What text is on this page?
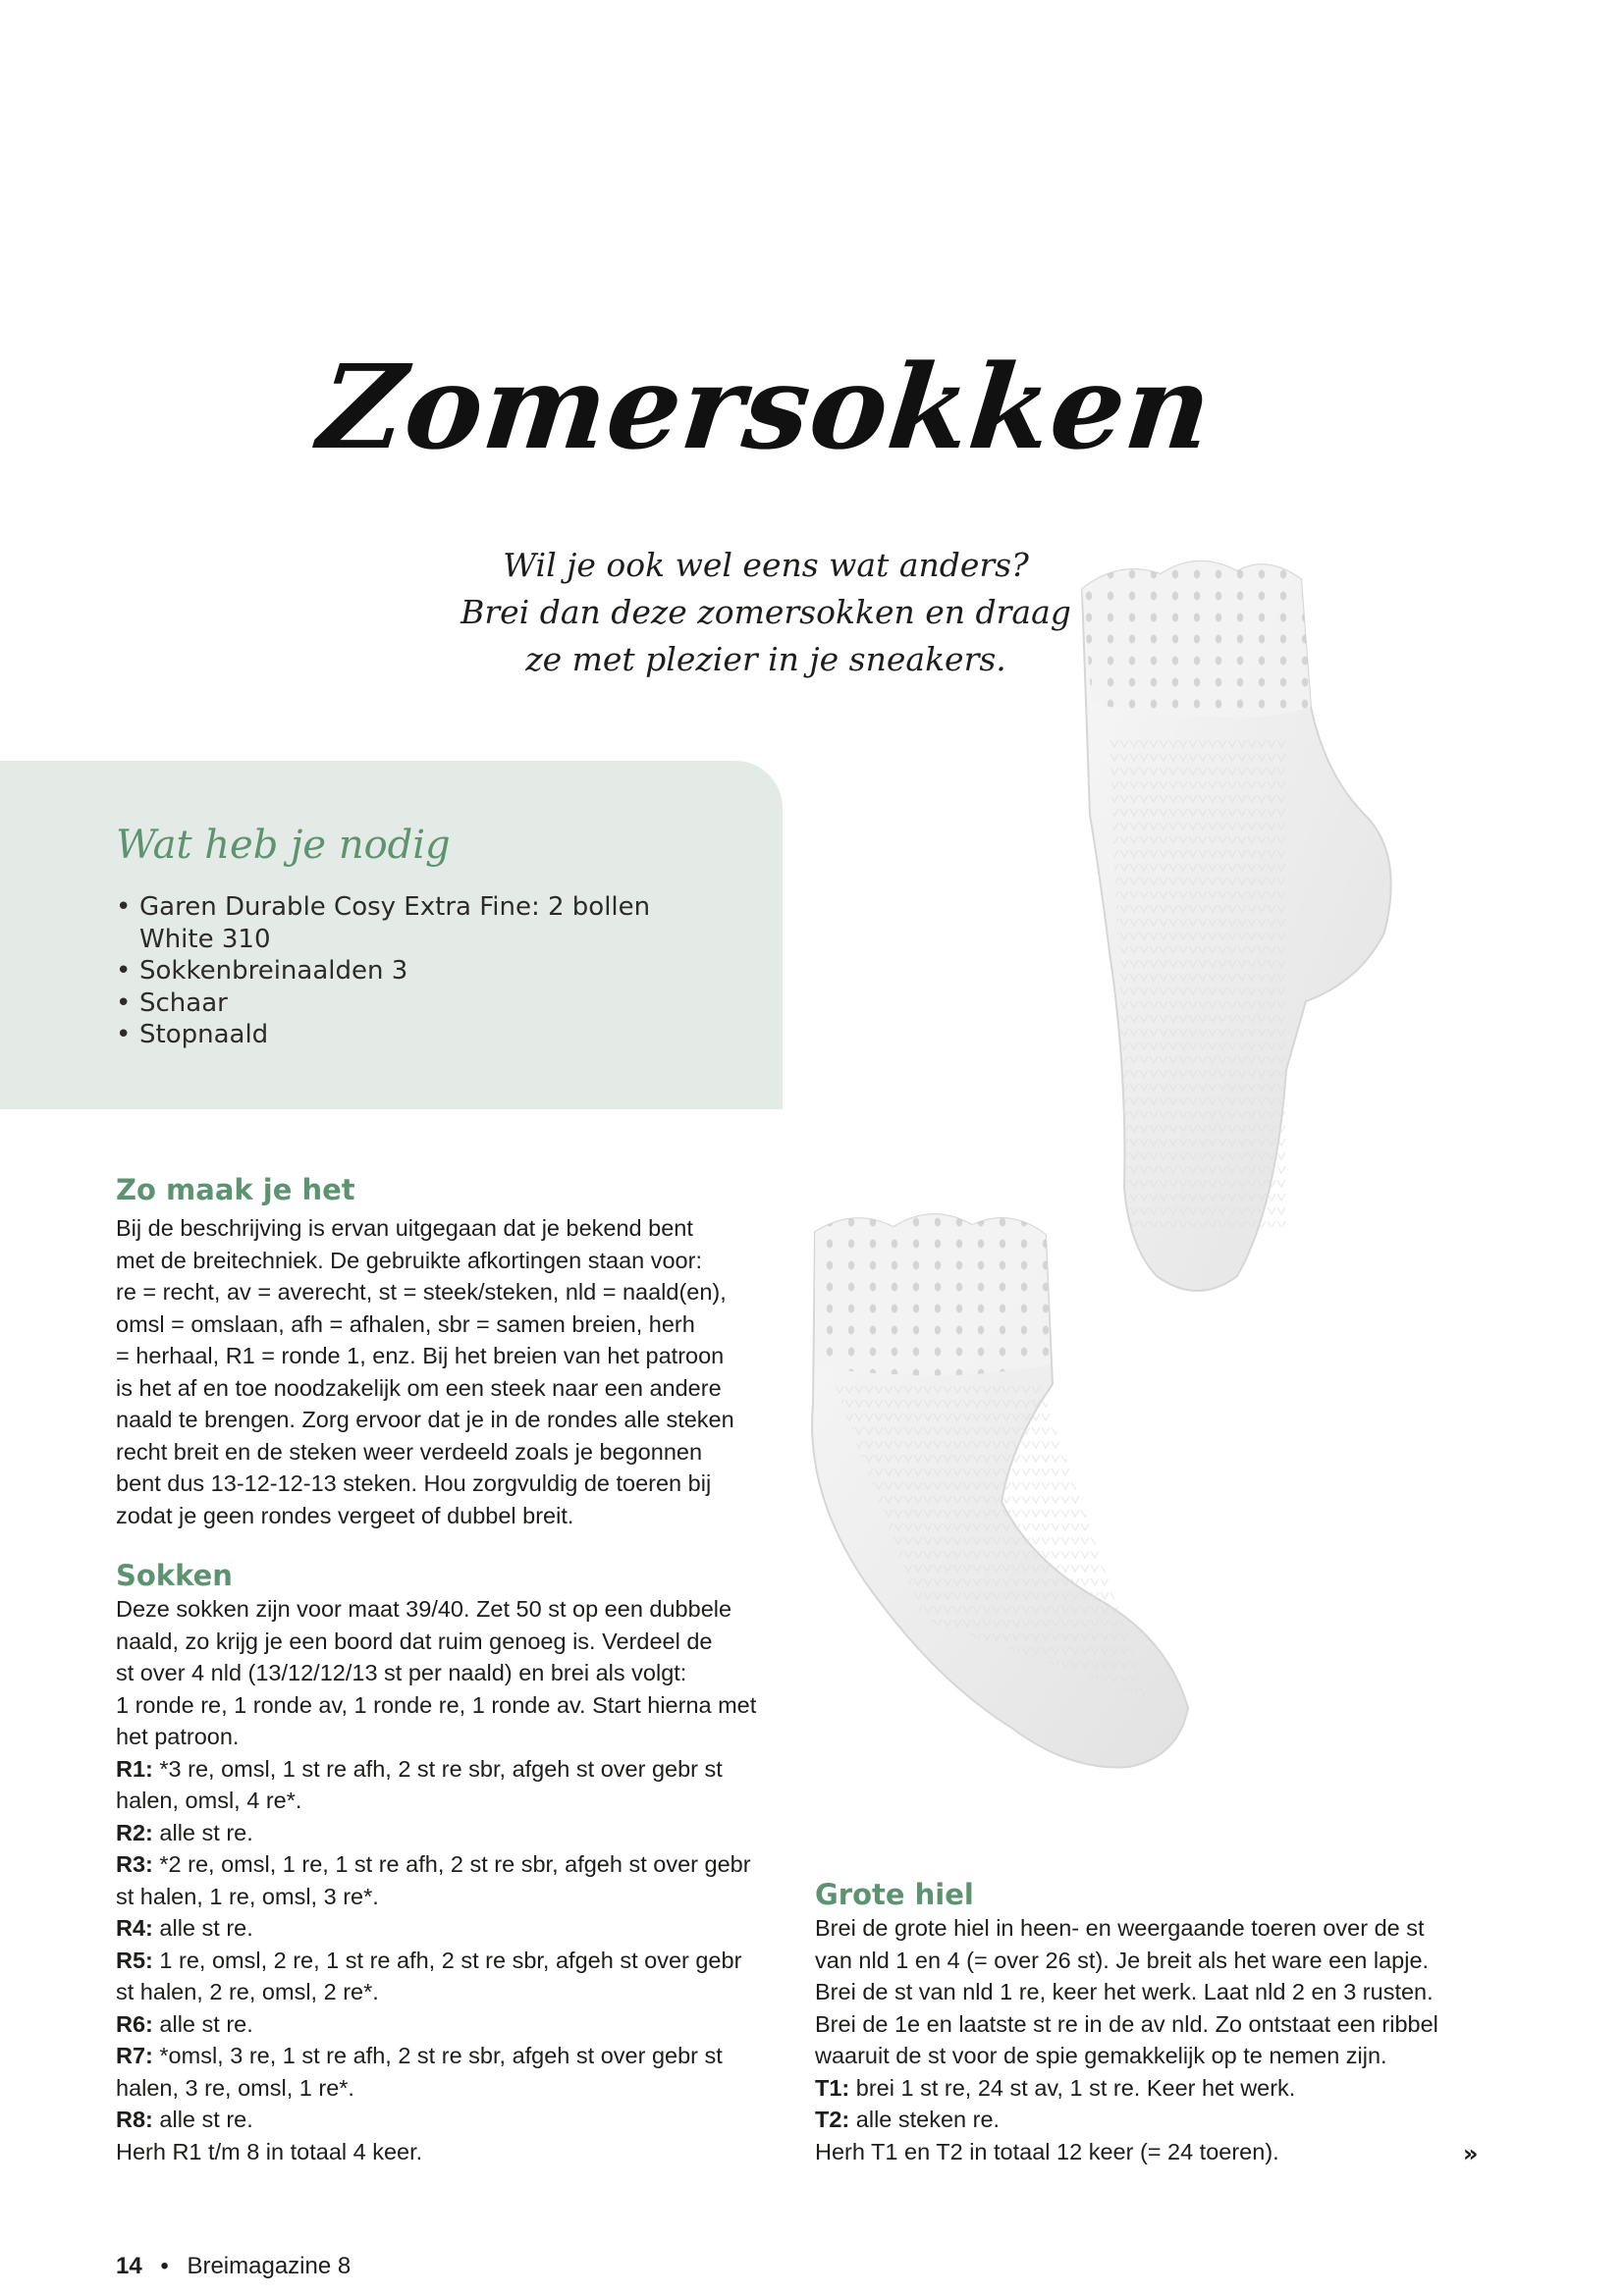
Zomersokken
Wil je ook wel eens wat anders?
Brei dan deze zomersokken en draag
ze met plezier in je sneakers.
Wat heb je nodig
• Garen Durable Cosy Extra Fine: 2 bollen
White 310
• Sokkenbreinaalden 3
• Schaar
• Stopnaald
Zo maak je het
Bij de beschrijving is ervan uitgegaan dat je bekend bent
met de breitechniek. De gebruikte afkortingen staan voor:
re = recht, av = averecht, st = steek/steken, nld = naald(en),
omsl = omslaan, afh = afhalen, sbr = samen breien, herh
= herhaal, R1 = ronde 1, enz. Bij het breien van het patroon
is het af en toe noodzakelijk om een steek naar een andere
naald te brengen. Zorg ervoor dat je in de rondes alle steken
recht breit en de steken weer verdeeld zoals je begonnen
bent dus 13-12-12-13 steken. Hou zorgvuldig de toeren bij
zodat je geen rondes vergeet of dubbel breit.
Sokken
Deze sokken zijn voor maat 39/40. Zet 50 st op een dubbele
naald, zo krijg je een boord dat ruim genoeg is. Verdeel de
st over 4 nld (13/12/12/13 st per naald) en brei als volgt:
1 ronde re, 1 ronde av, 1 ronde re, 1 ronde av. Start hierna met
het patroon.
R1: *3 re, omsl, 1 st re afh, 2 st re sbr, afgeh st over gebr st
halen, omsl, 4 re*.
R2: alle st re.
R3: *2 re, omsl, 1 re, 1 st re afh, 2 st re sbr, afgeh st over gebr
st halen, 1 re, omsl, 3 re*.
R4: alle st re.
R5: 1 re, omsl, 2 re, 1 st re afh, 2 st re sbr, afgeh st over gebr
st halen, 2 re, omsl, 2 re*.
R6: alle st re.
R7: *omsl, 3 re, 1 st re afh, 2 st re sbr, afgeh st over gebr st
halen, 3 re, omsl, 1 re*.
R8: alle st re.
Herh R1 t/m 8 in totaal 4 keer.
Grote hiel
Brei de grote hiel in heen- en weergaande toeren over de st
van nld 1 en 4 (= over 26 st). Je breit als het ware een lapje.
Brei de st van nld 1 re, keer het werk. Laat nld 2 en 3 rusten.
Brei de 1e en laatste st re in de av nld. Zo ontstaat een ribbel
waaruit de st voor de spie gemakkelijk op te nemen zijn.
T1: brei 1 st re, 24 st av, 1 st re. Keer het werk.
T2: alle steken re.
Herh T1 en T2 in totaal 12 keer (= 24 toeren).	»
14 • Breimagazine 8
